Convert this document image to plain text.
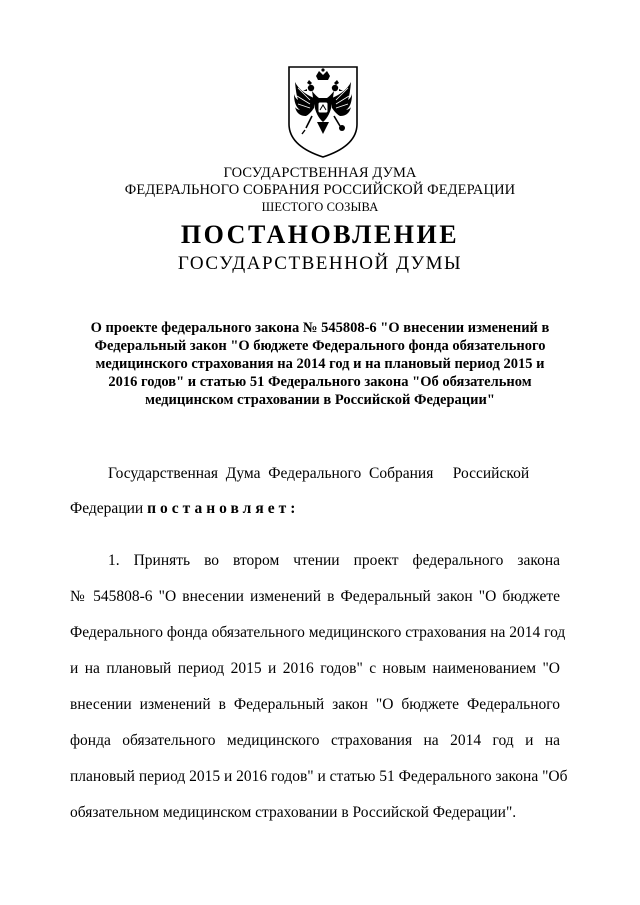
ГОСУДАРСТВЕННАЯ ДУМА
ФЕДЕРАЛЬНОГО СОБРАНИЯ РОССИЙСКОЙ ФЕДЕРАЦИИ
ШЕСТОГО СОЗЫВА
ПОСТАНОВЛЕНИЕ
ГОСУДАРСТВЕННОЙ ДУМЫ
О проекте федерального закона № 545808-6 "О внесении изменений в
Федеральный закон "О бюджете Федерального фонда обязательного
медицинского страхования на 2014 год и на плановый период 2015 и
2016 годов" и статью 51 Федерального закона "Об обязательном
медицинском страховании в Российской Федерации"
Государственная  Дума  Федерального  Собрания     Российской
Федерации постановляет:
1. Принять во втором чтении проект федерального закона
№ 545808-6 "О внесении изменений в Федеральный закон "О бюджете
Федерального фонда обязательного медицинского страхования на 2014 год
и на плановый период 2015 и 2016 годов" с новым наименованием "О
внесении изменений в Федеральный закон "О бюджете Федерального
фонда обязательного медицинского страхования на 2014 год и на
плановый период 2015 и 2016 годов" и статью 51 Федерального закона "Об
обязательном медицинском страховании в Российской Федерации".
